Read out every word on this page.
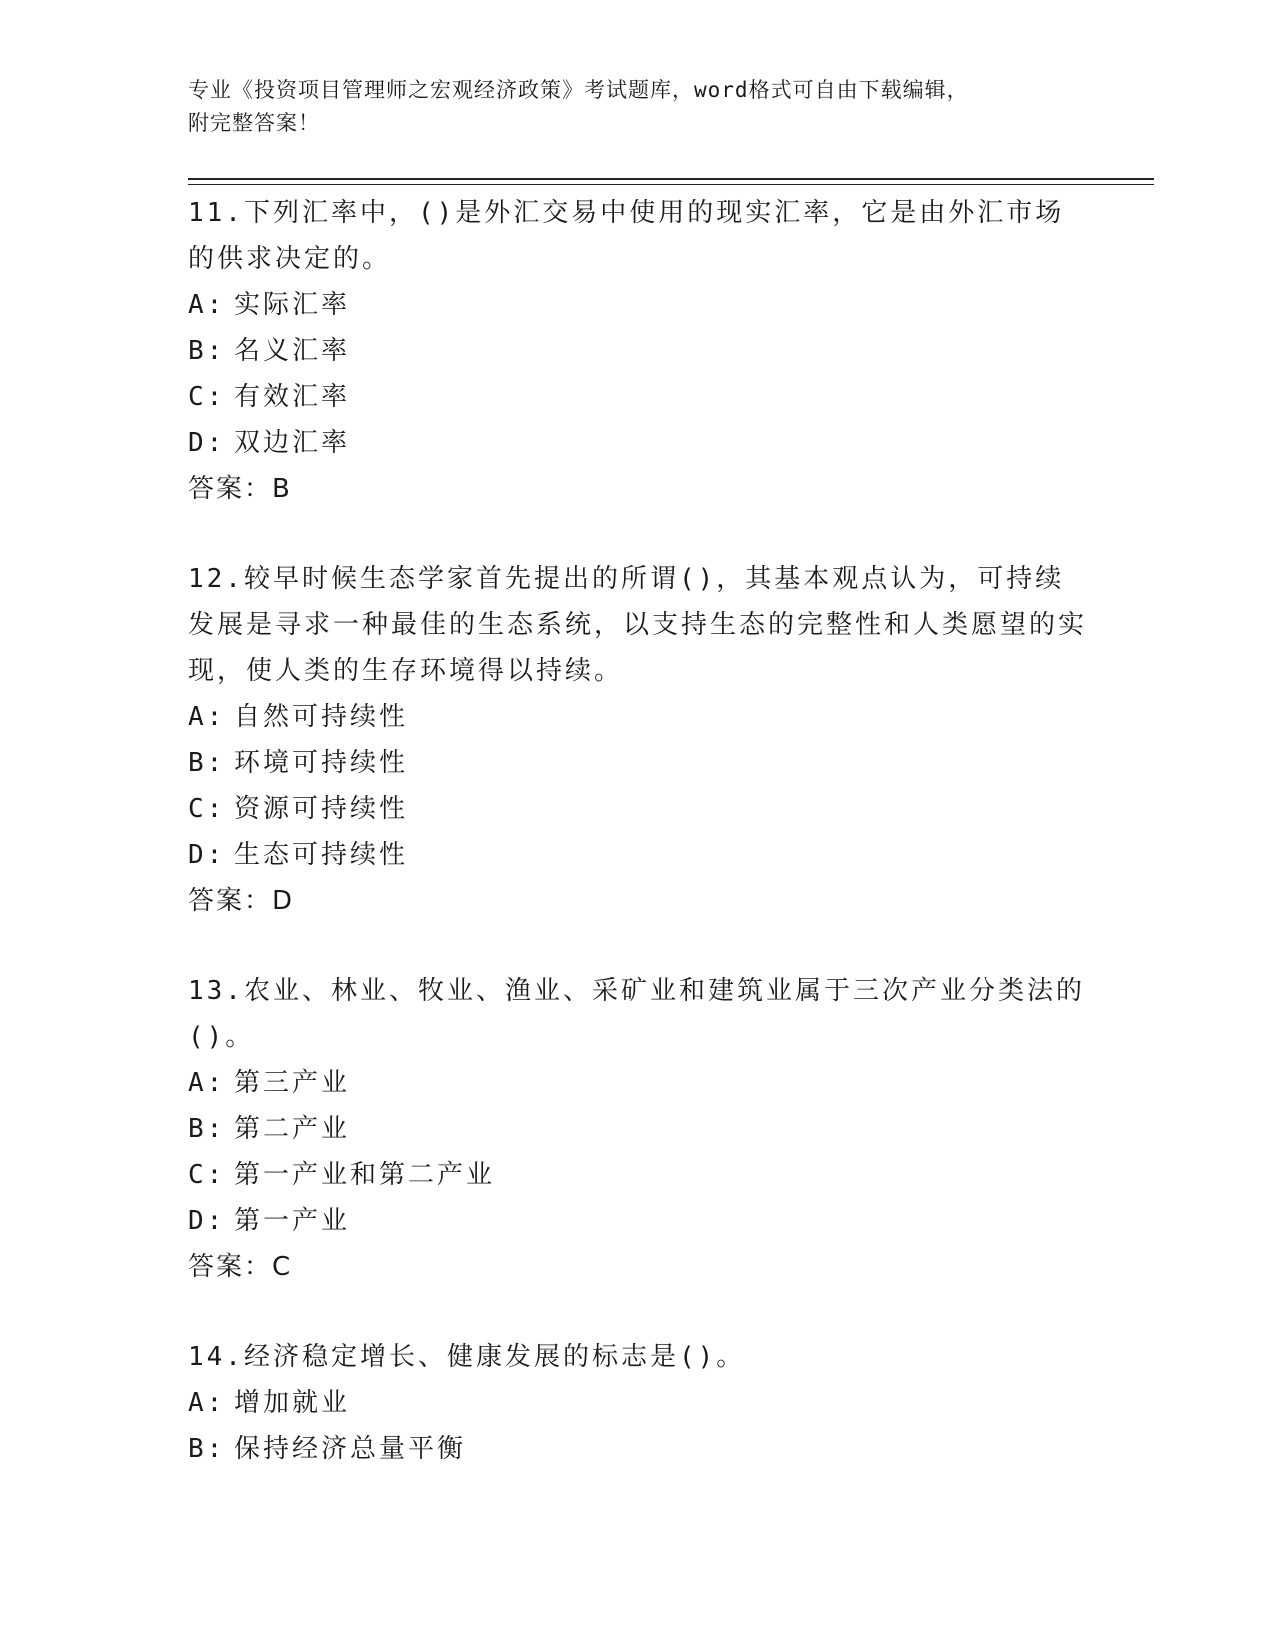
专业《投资项目管理师之宏观经济政策》考试题库，word格式可自由下载编辑，
附完整答案！

11.下列汇率中，()是外汇交易中使用的现实汇率，它是由外汇市场的供求决定的。

A: 实际汇率

B: 名义汇率

C: 有效汇率

D: 双边汇率

答案：B

12.较早时候生态学家首先提出的所谓()，其基本观点认为，可持续发展是寻求一种最佳的生态系统，以支持生态的完整性和人类愿望的实现，使人类的生存环境得以持续。

A: 自然可持续性

B: 环境可持续性

C: 资源可持续性

D: 生态可持续性

答案：D

13.农业、林业、牧业、渔业、采矿业和建筑业属于三次产业分类法的()。

A: 第三产业

B: 第二产业

C: 第一产业和第二产业

D: 第一产业

答案：C

14.经济稳定增长、健康发展的标志是()。

A: 增加就业

B: 保持经济总量平衡
